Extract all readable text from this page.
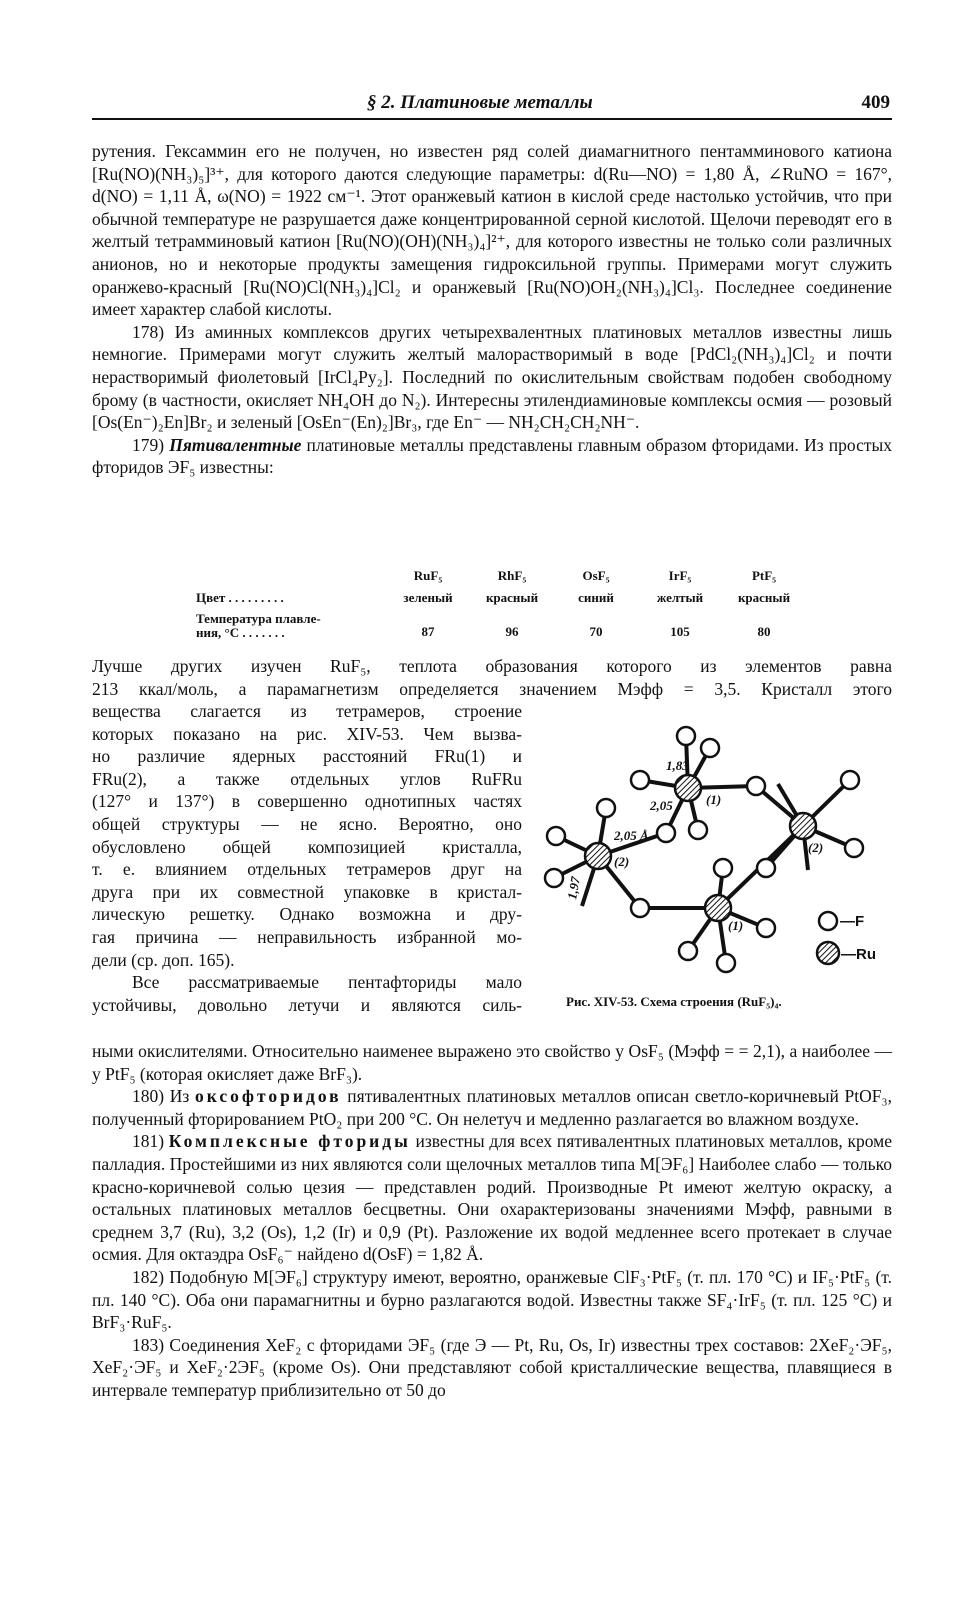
§ 2. Платиновые металлы	409

рутения. Гексаммин его не получен, но известен ряд солей диамагнитного пентамминового катиона [Ru(NO)(NH₃)₅]³⁺, для которого даются следующие параметры: d(Ru—NO) = 1,80 Å, ∠RuNO = 167°, d(NO) = 1,11 Å, ω(NO) = 1922 см⁻¹. Этот оранжевый катион в кислой среде настолько устойчив, что при обычной температуре не разрушается даже концентрированной серной кислотой. Щелочи переводят его в желтый тетрамминовый катион [Ru(NO)(OH)(NH₃)₄]²⁺, для которого известны не только соли различных анионов, но и некоторые продукты замещения гидроксильной группы. Примерами могут служить оранжево-красный [Ru(NO)Cl(NH₃)₄]Cl₂ и оранжевый [Ru(NO)OH₂(NH₃)₄]Cl₃. Последнее соединение имеет характер слабой кислоты.

178) Из аминных комплексов других четырехвалентных платиновых металлов известны лишь немногие. Примерами могут служить желтый малорастворимый в воде [PdCl₂(NH₃)₄]Cl₂ и почти нерастворимый фиолетовый [IrCl₄Py₂]. Последний по окислительным свойствам подобен свободному брому (в частности, окисляет NH₄OH до N₂). Интересны этилендиаминовые комплексы осмия — розовый [Os(En⁻)₂En]Br₂ и зеленый [OsEn⁻(En)₂]Br₃, где En⁻ — NH₂CH₂CH₂NH⁻.

179) Пятивалентные платиновые металлы представлены главным образом фторидами. Из простых фторидов ЭF₅ известны:

	RuF₅	RhF₅	OsF₅	IrF₅	PtF₅
Цвет . . . . . . . . .	зеленый	красный	синий	желтый	красный
Температура плавле-
ния, °С . . . . . . .	87	96	70	105	80
Лучше других изучен RuF₅, теплота образования которого из элементов равна
213 ккал/моль, а парамагнетизм определяется значением Mэфф = 3,5. Кристалл этого
вещества слагается из тетрамеров, строение
которых показано на рис. XIV-53. Чем вызва-
но различие ядерных расстояний FRu(1) и
FRu(2), а также отдельных углов RuFRu
(127° и 137°) в совершенно однотипных частях
общей структуры — не ясно. Вероятно, оно
обусловлено общей композицией кристалла,
т. е. влиянием отдельных тетрамеров друг на
друга при их совместной упаковке в кристал-
лическую решетку. Однако возможна и дру-
гая причина — неправильность избранной мо-
дели (ср. доп. 165).
Все рассматриваемые пентафториды мало
устойчивы, довольно летучи и являются силь-

ными окислителями. Относительно наименее выражено это свойство у OsF₅ (Mэфф = = 2,1), а наиболее — у PtF₅ (которая окисляет даже BrF₃).

180) Из оксофторидов пятивалентных платиновых металлов описан светло-коричневый PtOF₃, полученный фторированием PtO₂ при 200 °С. Он нелетуч и медленно разлагается во влажном воздухе.

181) Комплексные фториды известны для всех пятивалентных платиновых металлов, кроме палладия. Простейшими из них являются соли щелочных металлов типа M[ЭF₆] Наиболее слабо — только красно-коричневой солью цезия — представлен родий. Производные Pt имеют желтую окраску, а остальных платиновых металлов бесцветны. Они охарактеризованы значениями Mэфф, равными в среднем 3,7 (Ru), 3,2 (Os), 1,2 (Ir) и 0,9 (Pt). Разложение их водой медленнее всего протекает в случае осмия. Для октаэдра OsF₆⁻ найдено d(OsF) = 1,82 Å.

182) Подобную M[ЭF₆] структуру имеют, вероятно, оранжевые ClF₃·PtF₅ (т. пл. 170 °С) и IF₅·PtF₅ (т. пл. 140 °С). Оба они парамагнитны и бурно разлагаются водой. Известны также SF₄·IrF₅ (т. пл. 125 °С) и BrF₃·RuF₅.

183) Соединения XeF₂ с фторидами ЭF₅ (где Э — Pt, Ru, Os, Ir) известны трех составов: 2XeF₂·ЭF₅, XeF₂·ЭF₅ и XeF₂·2ЭF₅ (кроме Os). Они представляют собой кристаллические вещества, плавящиеся в интервале температур приблизительно от 50 до

1,83
2,05
2,05 Å
1,97
(1)
(2)
(2)
(1)	—F
—Ru
Рис. XIV-53. Схема строения (RuF₅)₄.
